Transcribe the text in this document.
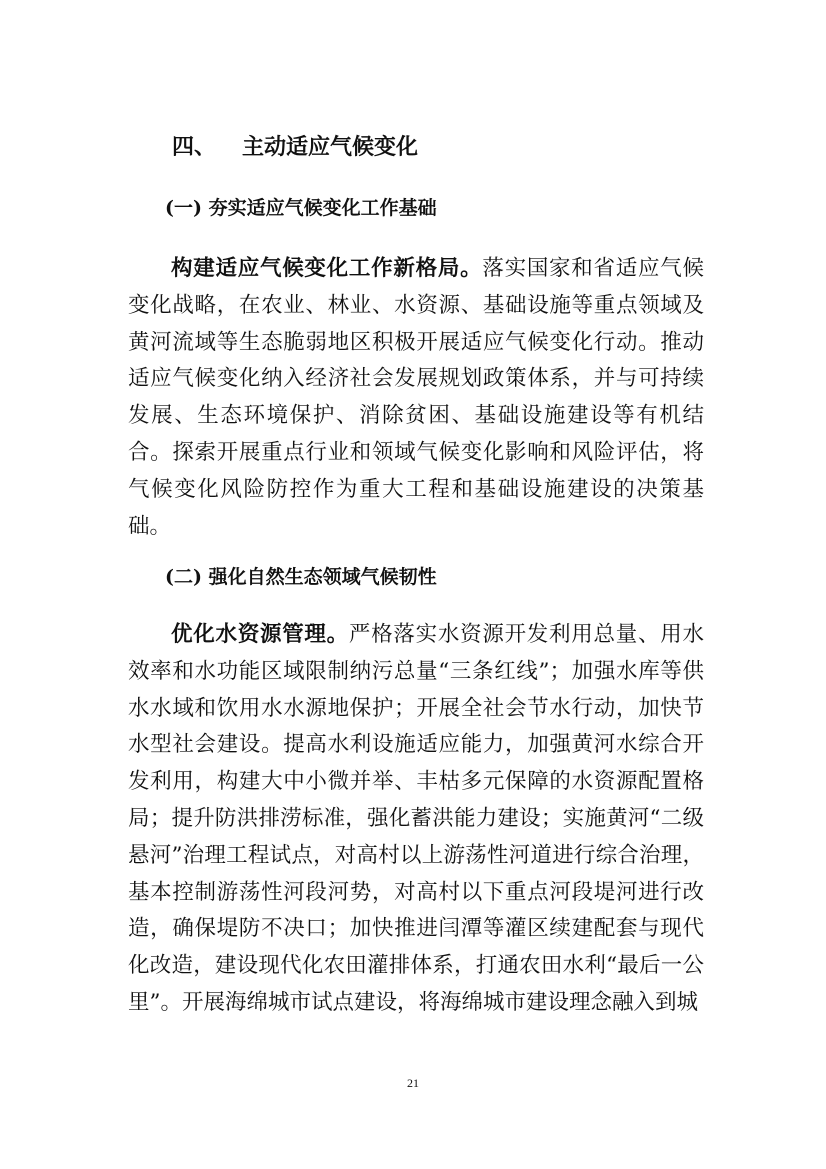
四、 主动适应气候变化
(一) 夯实适应气候变化工作基础

构建适应气候变化工作新格局。落实国家和省适应气候变化战略，在农业、林业、水资源、基础设施等重点领域及黄河流域等生态脆弱地区积极开展适应气候变化行动。推动适应气候变化纳入经济社会发展规划政策体系，并与可持续发展、生态环境保护、消除贫困、基础设施建设等有机结合。探索开展重点行业和领域气候变化影响和风险评估，将气候变化风险防控作为重大工程和基础设施建设的决策基础。

(二) 强化自然生态领域气候韧性

优化水资源管理。严格落实水资源开发利用总量、用水效率和水功能区域限制纳污总量“三条红线”；加强水库等供水水域和饮用水水源地保护；开展全社会节水行动，加快节水型社会建设。提高水利设施适应能力，加强黄河水综合开发利用，构建大中小微并举、丰枯多元保障的水资源配置格局；提升防洪排涝标准，强化蓄洪能力建设；实施黄河“二级悬河”治理工程试点，对高村以上游荡性河道进行综合治理，基本控制游荡性河段河势，对高村以下重点河段堤河进行改造，确保堤防不决口；加快推进闫潭等灌区续建配套与现代化改造，建设现代化农田灌排体系，打通农田水利“最后一公里”。开展海绵城市试点建设，将海绵城市建设理念融入到城

21
